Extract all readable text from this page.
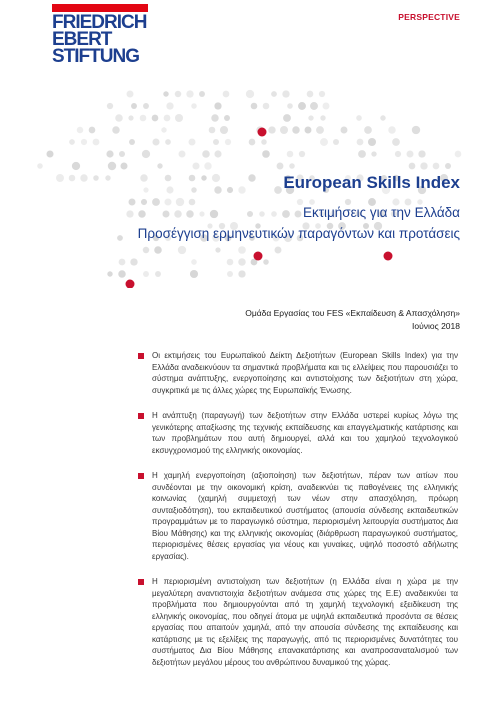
FRIEDRICH
EBERT
STIFTUNG
PERSPECTIVE
European Skills Index
Εκτιμήσεις για την Ελλάδα
Προσέγγιση ερμηνευτικών παραγόντων και προτάσεις
Ομάδα Εργασίας του FES «Εκπαίδευση & Απασχόληση»
Ιούνιος 2018
Οι εκτιμήσεις του Ευρωπαϊκού Δείκτη Δεξιοτήτων (European Skills Index) για την Ελλάδα αναδεικνύουν τα σημαντικά προβλήματα και τις ελλείψεις που παρουσιάζει το σύστημα ανάπτυξης, ενεργοποίησης και αντιστοίχισης των δεξιοτήτων στη χώρα, συγκριτικά με τις άλλες χώρες της Ευρωπαϊκής Ένωσης.
Η ανάπτυξη (παραγωγή) των δεξιοτήτων στην Ελλάδα υστερεί κυρίως λόγω της γενικότερης απαξίωσης της τεχνικής εκπαίδευσης και επαγγελματικής κατάρτισης και των προβλημάτων που αυτή δημιουργεί, αλλά και του χαμηλού τεχνολογικού εκσυγχρονισμού της ελληνικής οικονομίας.
Η χαμηλή ενεργοποίηση (αξιοποίηση) των δεξιοτήτων, πέραν των αιτίων που συνδέονται με την οικονομική κρίση, αναδεικνύει τις παθογένειες της ελληνικής κοινωνίας (χαμηλή συμμετοχή των νέων στην απασχόληση, πρόωρη συνταξιοδότηση), του εκπαιδευτικού συστήματος (απουσία σύνδεσης εκπαιδευτικών προγραμμάτων με το παραγωγικό σύστημα, περιορισμένη λειτουργία συστήματος Δια Βίου Μάθησης) και της ελληνικής οικονομίας (διάρθρωση παραγωγικού συστήματος, περιορισμένες θέσεις εργασίας για νέους και γυναίκες, υψηλό ποσοστό αδήλωτης εργασίας).
Η περιορισμένη αντιστοίχιση των δεξιοτήτων (η Ελλάδα είναι η χώρα με την μεγαλύτερη αναντιστοιχία δεξιοτήτων ανάμεσα στις χώρες της Ε.Ε) αναδεικνύει τα προβλήματα που δημιουργούνται από τη χαμηλή τεχνολογική εξειδίκευση της ελληνικής οικονομίας, που οδηγεί άτομα με υψηλά εκπαιδευτικά προσόντα σε θέσεις εργασίας που απαιτούν χαμηλά, από την απουσία σύνδεσης της εκπαίδευσης και κατάρτισης με τις εξελίξεις της παραγωγής, από τις περιορισμένες δυνατότητες του συστήματος Δια Βίου Μάθησης επανακατάρτισης και αναπροσαναταλισμού των δεξιοτήτων μεγάλου μέρους του ανθρώπινου δυναμικού της χώρας.
